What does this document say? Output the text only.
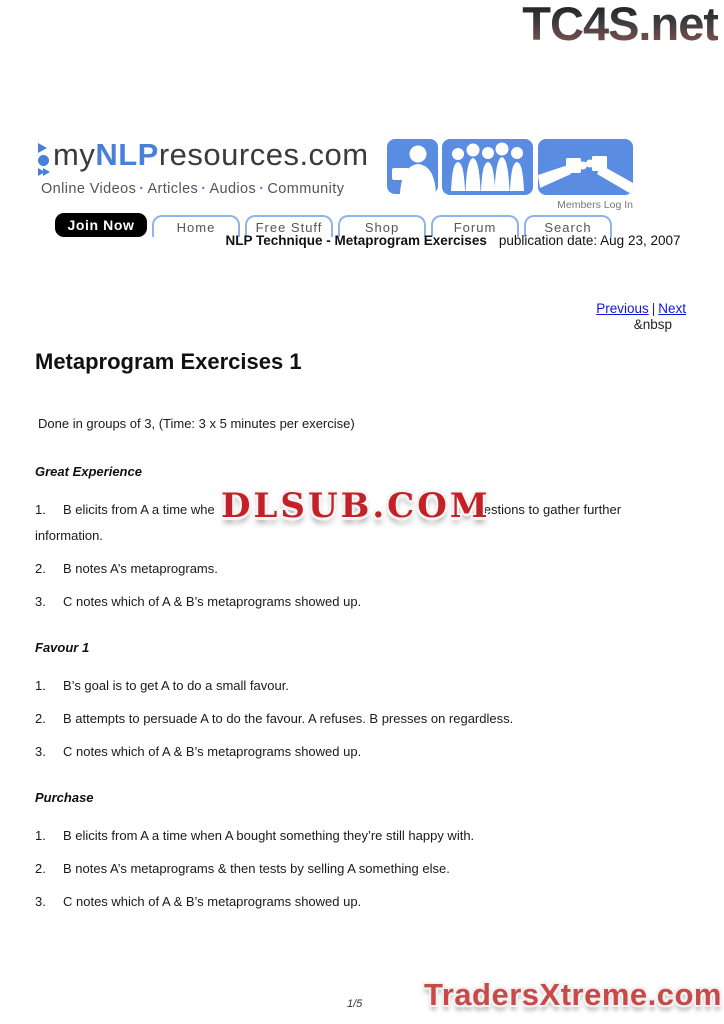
TC4S.net
myNLPresources.com
Online Videos · Articles · Audios · Community
Members Log In
Join Now	Home	Free Stuff	Shop	Forum	Search
NLP Technique - Metaprogram Exercises publication date: Aug 23, 2007
Previous | Next
&nbsp
Metaprogram Exercises 1

Done in groups of 3, (Time: 3 x 5 minutes per exercise)

Great Experience

1. B elicits from A a time whe	estions to gather further information.

2. B notes A’s metaprograms.

3. C notes which of A & B’s metaprograms showed up.

Favour 1

1. B’s goal is to get A to do a small favour.

2. B attempts to persuade A to do the favour. A refuses. B presses on regardless.

3. C notes which of A & B’s metaprograms showed up.

Purchase

1. B elicits from A a time when A bought something they’re still happy with.

2. B notes A’s metaprograms & then tests by selling A something else.

3. C notes which of A & B’s metaprograms showed up.

DLSUB.COM
1/5 TradersXtreme.com
